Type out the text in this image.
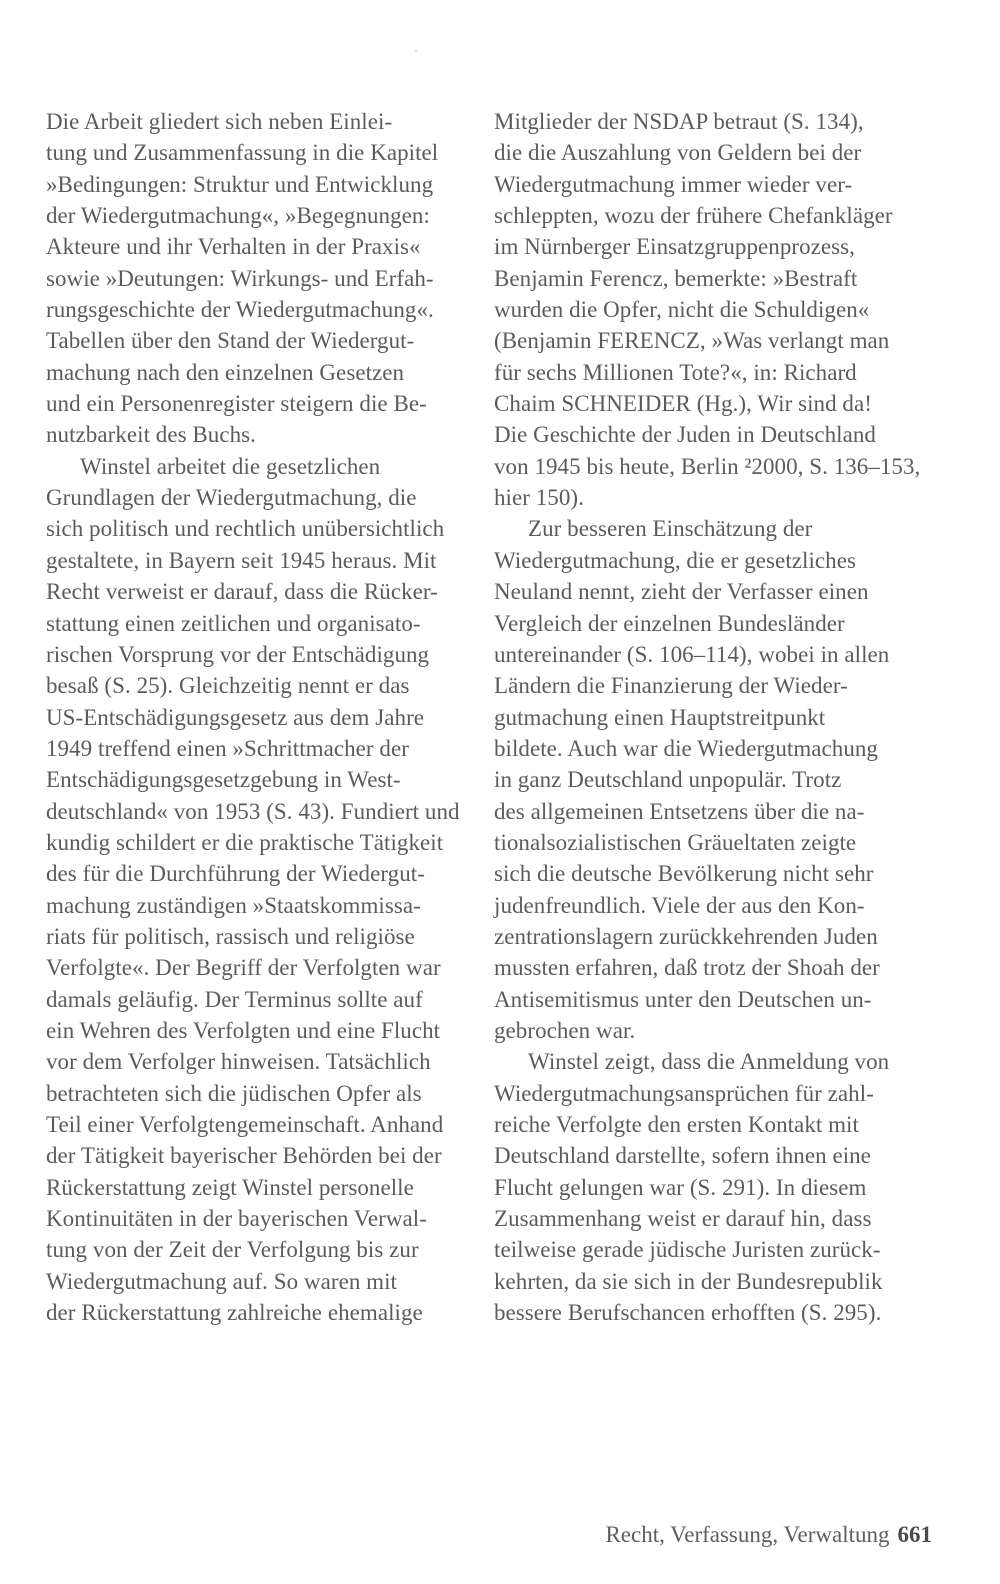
Die Arbeit gliedert sich neben Einlei-
tung und Zusammenfassung in die Kapitel
»Bedingungen: Struktur und Entwicklung
der Wiedergutmachung«, »Begegnungen:
Akteure und ihr Verhalten in der Praxis«
sowie »Deutungen: Wirkungs- und Erfah-
rungsgeschichte der Wiedergutmachung«.
Tabellen über den Stand der Wiedergut-
machung nach den einzelnen Gesetzen
und ein Personenregister steigern die Be-
nutzbarkeit des Buchs.

Winstel arbeitet die gesetzlichen
Grundlagen der Wiedergutmachung, die
sich politisch und rechtlich unübersichtlich
gestaltete, in Bayern seit 1945 heraus. Mit
Recht verweist er darauf, dass die Rücker-
stattung einen zeitlichen und organisato-
rischen Vorsprung vor der Entschädigung
besaß (S. 25). Gleichzeitig nennt er das
US-Entschädigungsgesetz aus dem Jahre
1949 treffend einen »Schrittmacher der
Entschädigungsgesetzgebung in West-
deutschland« von 1953 (S. 43). Fundiert und
kundig schildert er die praktische Tätigkeit
des für die Durchführung der Wiedergut-
machung zuständigen »Staatskommissa-
riats für politisch, rassisch und religiöse
Verfolgte«. Der Begriff der Verfolgten war
damals geläufig. Der Terminus sollte auf
ein Wehren des Verfolgten und eine Flucht
vor dem Verfolger hinweisen. Tatsächlich
betrachteten sich die jüdischen Opfer als
Teil einer Verfolgtengemeinschaft. Anhand
der Tätigkeit bayerischer Behörden bei der
Rückerstattung zeigt Winstel personelle
Kontinuitäten in der bayerischen Verwal-
tung von der Zeit der Verfolgung bis zur
Wiedergutmachung auf. So waren mit
der Rückerstattung zahlreiche ehemalige

Mitglieder der NSDAP betraut (S. 134),
die die Auszahlung von Geldern bei der
Wiedergutmachung immer wieder ver-
schleppten, wozu der frühere Chefankläger
im Nürnberger Einsatzgruppenprozess,
Benjamin Ferencz, bemerkte: »Bestraft
wurden die Opfer, nicht die Schuldigen«
(Benjamin FERENCZ, »Was verlangt man
für sechs Millionen Tote?«, in: Richard
Chaim SCHNEIDER (Hg.), Wir sind da!
Die Geschichte der Juden in Deutschland
von 1945 bis heute, Berlin ²2000, S. 136–153,
hier 150).

Zur besseren Einschätzung der
Wiedergutmachung, die er gesetzliches
Neuland nennt, zieht der Verfasser einen
Vergleich der einzelnen Bundesländer
untereinander (S. 106–114), wobei in allen
Ländern die Finanzierung der Wieder-
gutmachung einen Hauptstreitpunkt
bildete. Auch war die Wiedergutmachung
in ganz Deutschland unpopulär. Trotz
des allgemeinen Entsetzens über die na-
tionalsozialistischen Gräueltaten zeigte
sich die deutsche Bevölkerung nicht sehr
judenfreundlich. Viele der aus den Kon-
zentrationslagern zurückkehrenden Juden
mussten erfahren, daß trotz der Shoah der
Antisemitismus unter den Deutschen un-
gebrochen war.

Winstel zeigt, dass die Anmeldung von
Wiedergutmachungsansprüchen für zahl-
reiche Verfolgte den ersten Kontakt mit
Deutschland darstellte, sofern ihnen eine
Flucht gelungen war (S. 291). In diesem
Zusammenhang weist er darauf hin, dass
teilweise gerade jüdische Juristen zurück-
kehrten, da sie sich in der Bundesrepublik
bessere Berufschancen erhofften (S. 295).

Recht, Verfassung, Verwaltung 661
